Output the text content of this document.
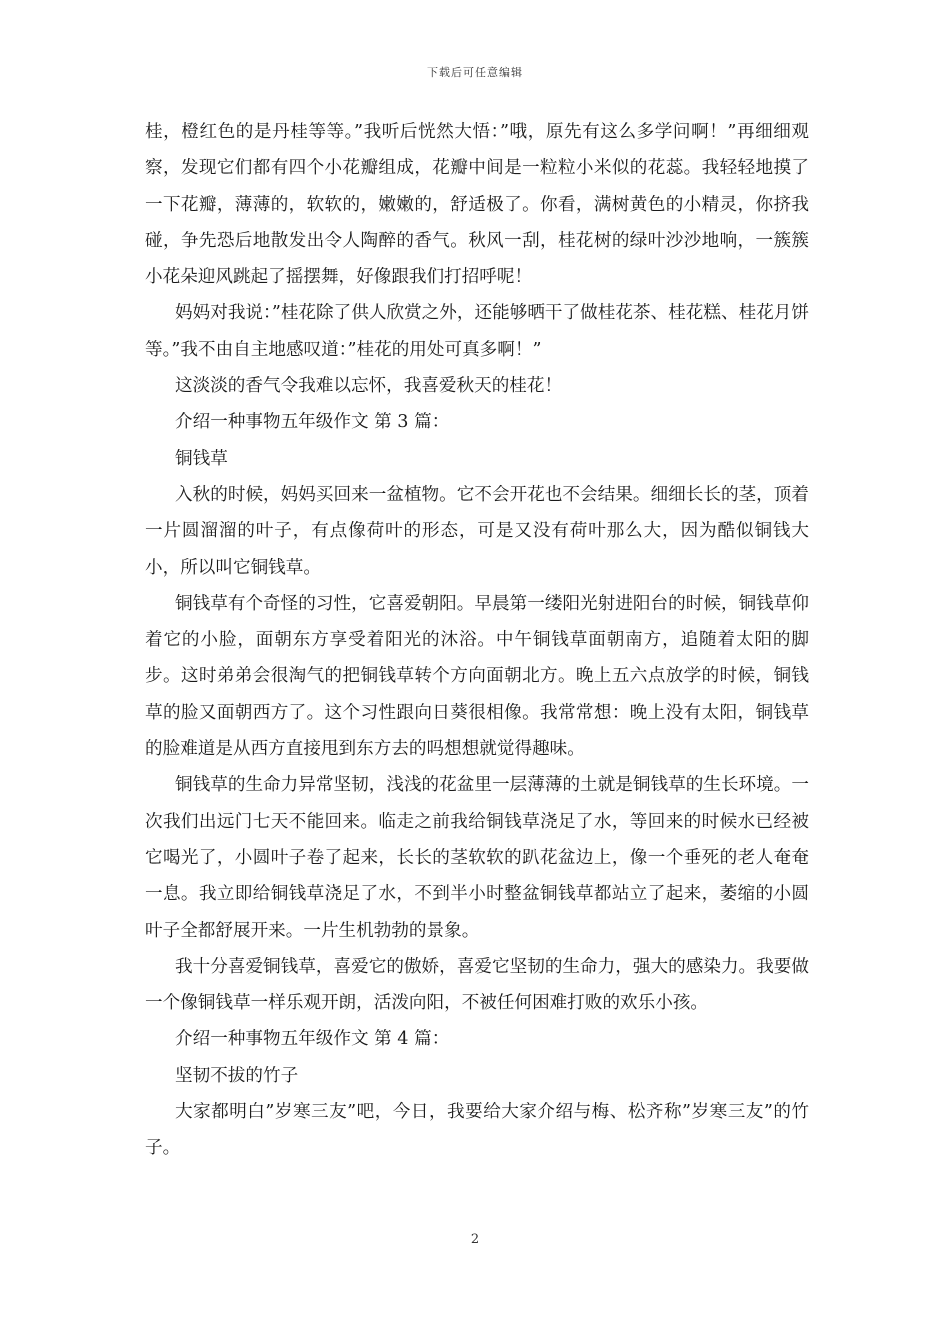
下载后可任意编辑

桂，橙红色的是丹桂等等。”我听后恍然大悟：”哦，原先有这么多学问啊！”再细细观察，发现它们都有四个小花瓣组成，花瓣中间是一粒粒小米似的花蕊。我轻轻地摸了一下花瓣，薄薄的，软软的，嫩嫩的，舒适极了。你看，满树黄色的小精灵，你挤我碰，争先恐后地散发出令人陶醉的香气。秋风一刮，桂花树的绿叶沙沙地响，一簇簇小花朵迎风跳起了摇摆舞，好像跟我们打招呼呢！

妈妈对我说：”桂花除了供人欣赏之外，还能够晒干了做桂花茶、桂花糕、桂花月饼等。”我不由自主地感叹道：”桂花的用处可真多啊！”

这淡淡的香气令我难以忘怀，我喜爱秋天的桂花！

介绍一种事物五年级作文 第 3 篇：

铜钱草

入秋的时候，妈妈买回来一盆植物。它不会开花也不会结果。细细长长的茎，顶着一片圆溜溜的叶子，有点像荷叶的形态，可是又没有荷叶那么大，因为酷似铜钱大小，所以叫它铜钱草。

铜钱草有个奇怪的习性，它喜爱朝阳。早晨第一缕阳光射进阳台的时候，铜钱草仰着它的小脸，面朝东方享受着阳光的沐浴。中午铜钱草面朝南方，追随着太阳的脚步。这时弟弟会很淘气的把铜钱草转个方向面朝北方。晚上五六点放学的时候，铜钱草的脸又面朝西方了。这个习性跟向日葵很相像。我常常想：晚上没有太阳，铜钱草的脸难道是从西方直接甩到东方去的吗想想就觉得趣味。

铜钱草的生命力异常坚韧，浅浅的花盆里一层薄薄的土就是铜钱草的生长环境。一次我们出远门七天不能回来。临走之前我给铜钱草浇足了水，等回来的时候水已经被它喝光了，小圆叶子卷了起来，长长的茎软软的趴花盆边上，像一个垂死的老人奄奄一息。我立即给铜钱草浇足了水，不到半小时整盆铜钱草都站立了起来，萎缩的小圆叶子全都舒展开来。一片生机勃勃的景象。

我十分喜爱铜钱草，喜爱它的傲娇，喜爱它坚韧的生命力，强大的感染力。我要做一个像铜钱草一样乐观开朗，活泼向阳，不被任何困难打败的欢乐小孩。

介绍一种事物五年级作文 第 4 篇：

坚韧不拔的竹子

大家都明白”岁寒三友”吧，今日，我要给大家介绍与梅、松齐称”岁寒三友”的竹子。

2
